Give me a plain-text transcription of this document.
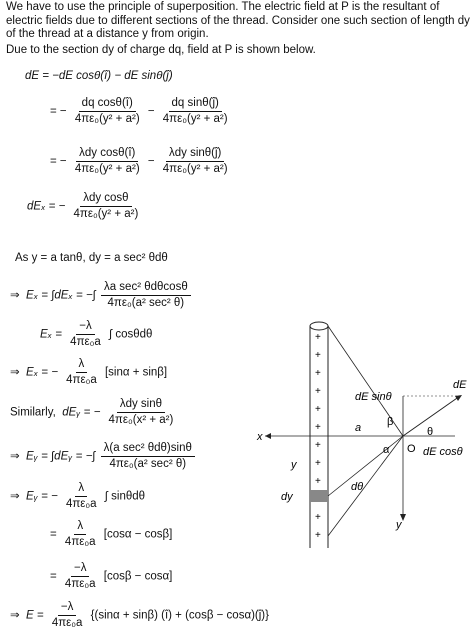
We have to use the principle of superposition. The electric field at P is the resultant of electric fields due to different sections of the thread. Consider one such section of length dy of the thread at a distance y from origin.
Due to the section dy of charge dq, field at P is shown below.
dE = −dE cosθ(î) − dE sinθ(ĵ)
= − $\frac{\text{dq cosθ(î)}}{\text{4πε₀(y² + a²)}} - \frac{\text{dq sinθ(ĵ)}}{\text{4πε₀(y² + a²)}}$
= − $\frac{\text{λdy cosθ(î)}}{\text{4πε₀(y² + a²)}} - \frac{\text{λdy sinθ(ĵ)}}{\text{4πε₀(y² + a²)}}$
dEₓ = − $\frac{\text{λdy cosθ}}{\text{4πε₀(y² + a²)}}$
As y = a tanθ, dy = a sec² θdθ
⇒ Eₓ = ∫dEₓ = −∫ $\frac{\text{λa sec² θdθcosθ}}{\text{4πε₀(a² sec² θ)}}$
$E_x = \frac{-\lambda}{\text{4πε₀a}}$ ∫ cosθdθ
⇒ Eₓ = − $\frac{\lambda}{\text{4πε₀a}} [\sin\alpha + \sin\beta]$
Similarly, dEᵧ = − $\frac{\text{λdy sinθ}}{\text{4πε₀(x² + a²)}}$
⇒ Eᵧ = ∫dEᵧ = −∫ $\frac{\text{λ(a sec² θdθ)sinθ}}{\text{4πε₀(a² sec² θ)}}$
⇒ Eᵧ = − $\frac{\lambda}{\text{4πε₀a}}$ ∫ sinθdθ
= $\frac{\lambda}{\text{4πε₀a}} [\cos\alpha - \cos\beta]$
= $\frac{-\lambda}{\text{4πε₀a}} [\cos\beta - \cos\alpha]$
⇒ $E = \frac{-\lambda}{\text{4πε₀a}} \{(\sin\alpha + \sin\beta)$ (î) + (cosβ − cosα)(ĵ)}
+
+
+
+
+
+
+
+
+
+
+
x
y
dy
y
a
α
β
θ
dθ
O
dE
dE sinθ
dE cosθ
